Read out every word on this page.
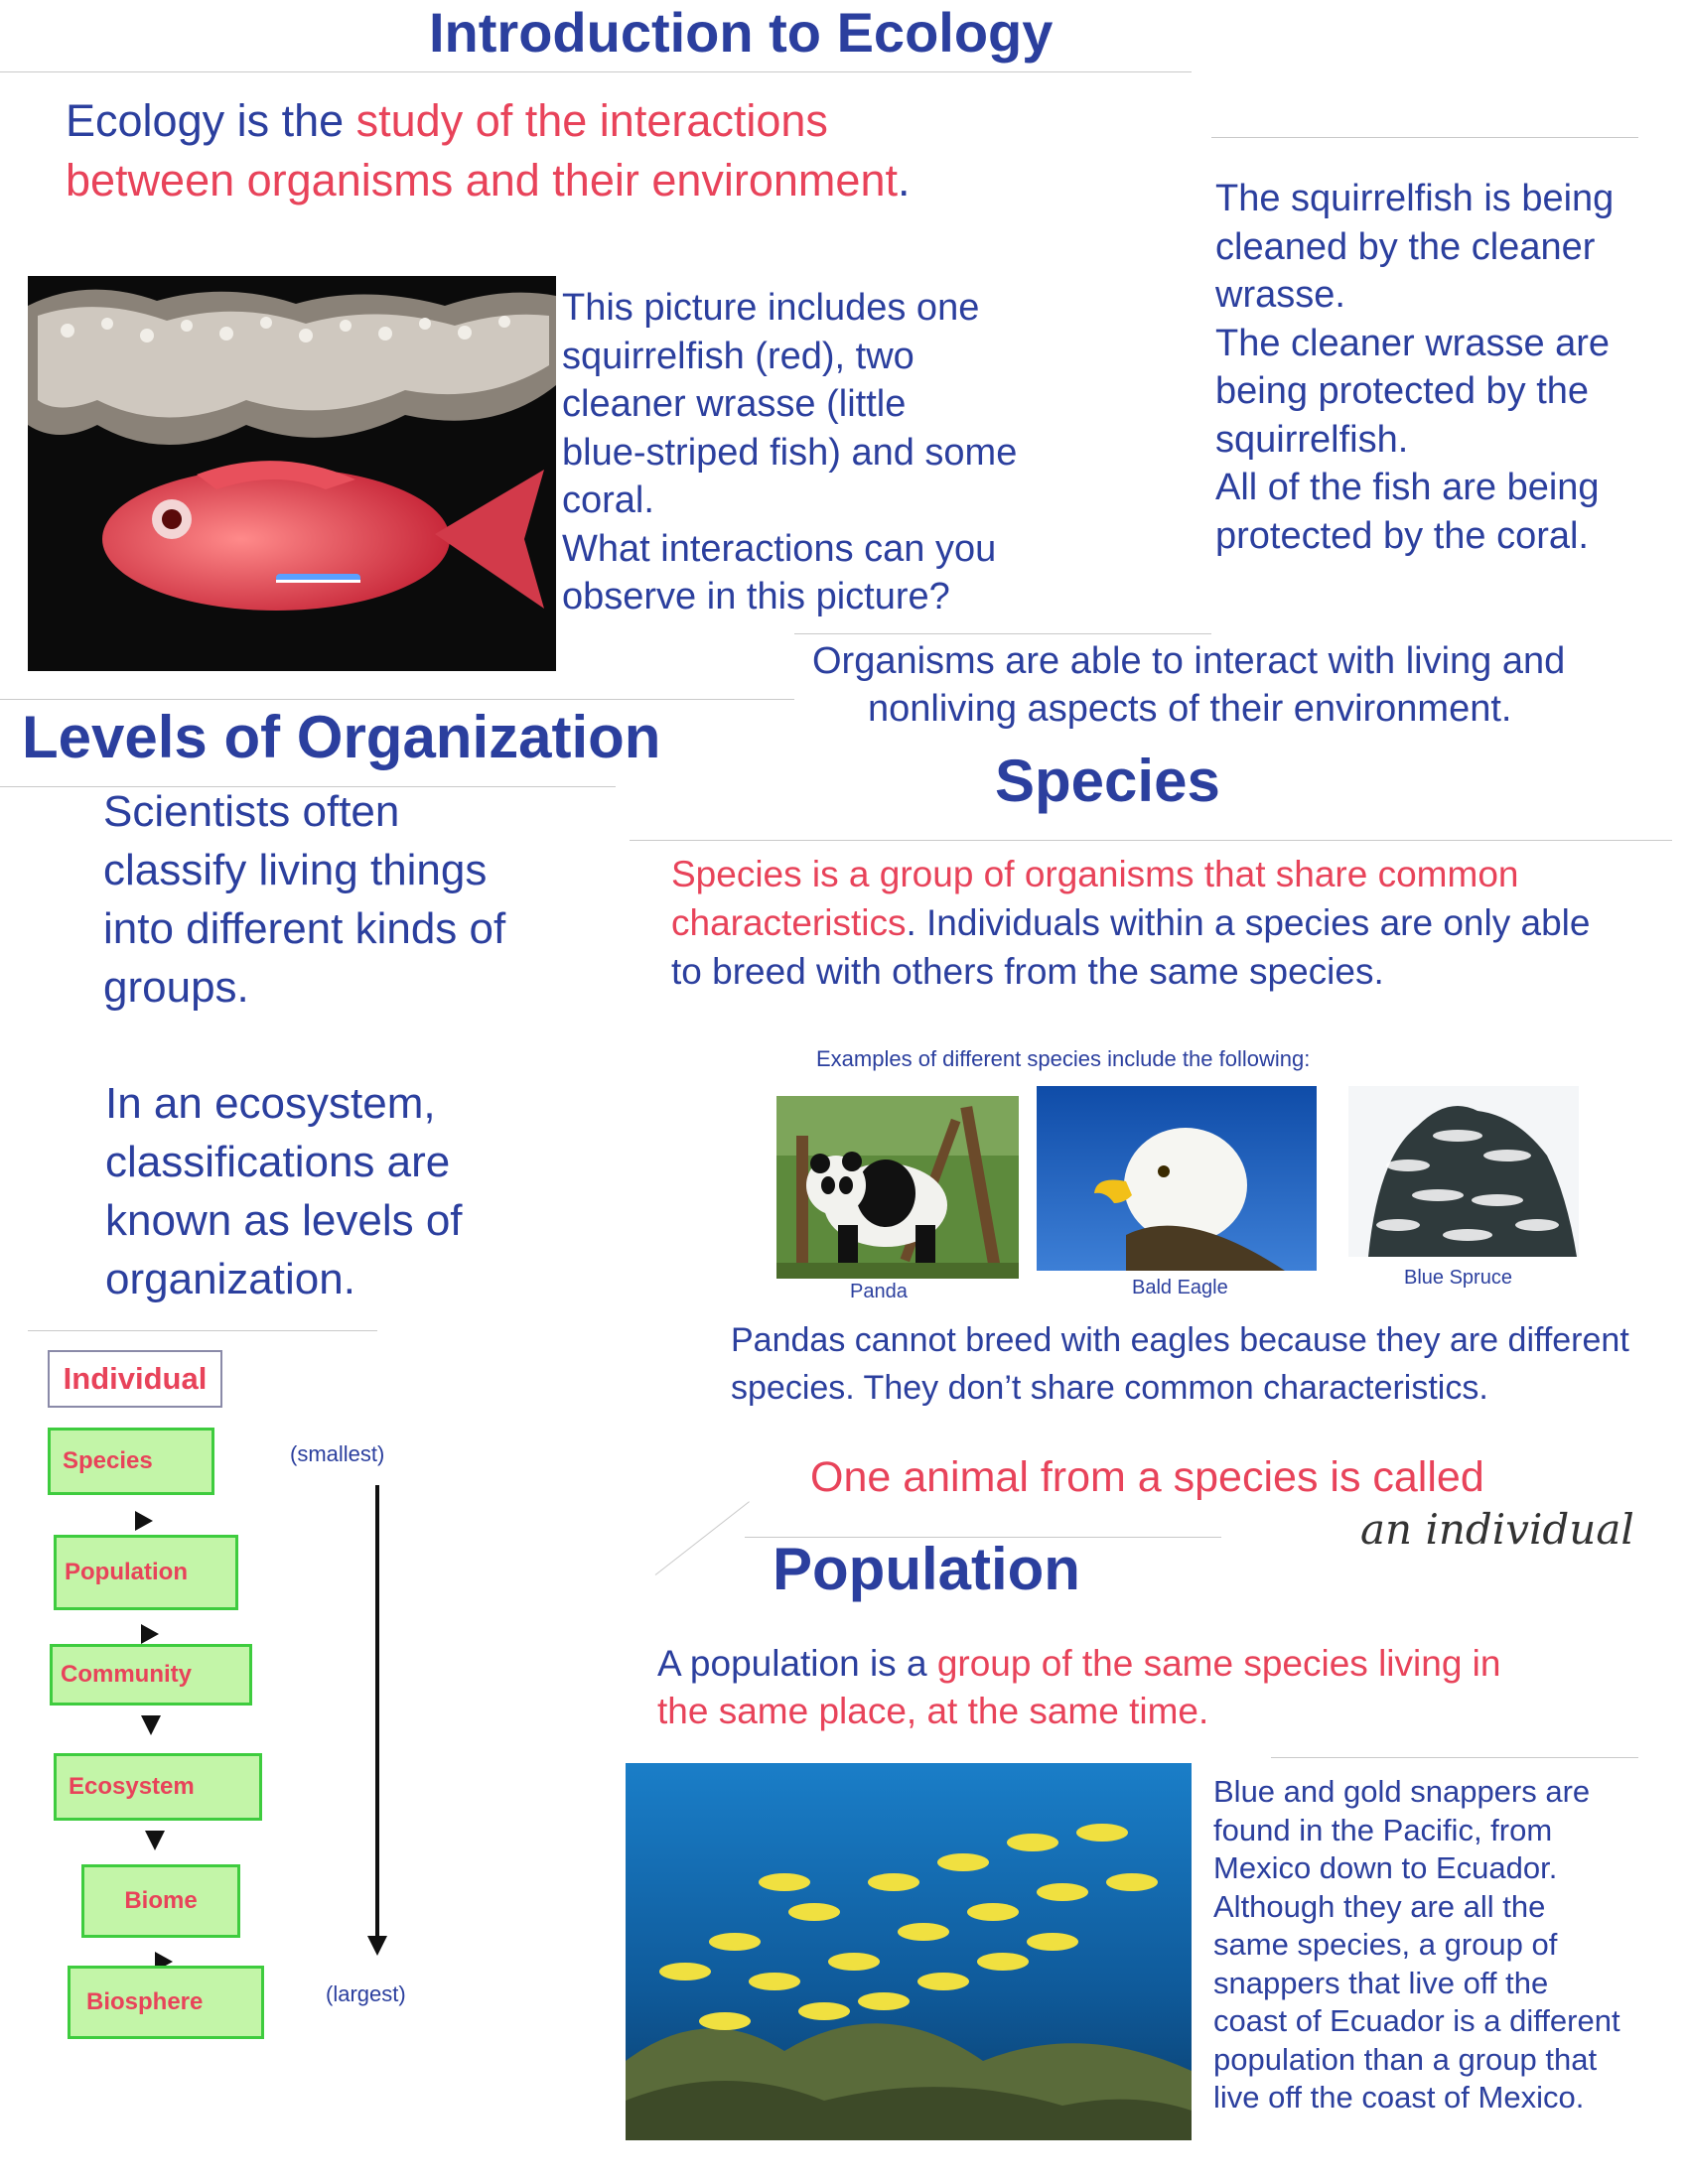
Introduction to Ecology
Ecology is the study of the interactions
between organisms and their environment.
This picture includes one
squirrelfish (red), two
cleaner wrasse (little
blue-striped fish) and some
coral.
What interactions can you
observe in this picture?
The squirrelfish is being
cleaned by the cleaner
wrasse.
The cleaner wrasse are
being protected by the
squirrelfish.
All of the fish are being
protected by the coral.
Organisms are able to interact with living and
nonliving aspects of their environment.
Levels of Organization
Scientists often
classify living things
into different kinds of
groups.
In an ecosystem,
classifications are
known as levels of
organization.
Individual
Species
Population
Community
Ecosystem
Biome
Biosphere
(smallest)
(largest)
Species
Species is a group of organisms that share common
characteristics. Individuals within a species are only able
to breed with others from the same species.
Examples of different species include the following:
Panda	Bald Eagle	Blue Spruce
Pandas cannot breed with eagles because they are different
species. They don’t share common characteristics.
One animal from a species is called
an individual
Population
A population is a group of the same species living in
the same place, at the same time.
Blue and gold snappers are
found in the Pacific, from
Mexico down to Ecuador.
Although they are all the
same species, a group of
snappers that live off the
coast of Ecuador is a different
population than a group that
live off the coast of Mexico.
